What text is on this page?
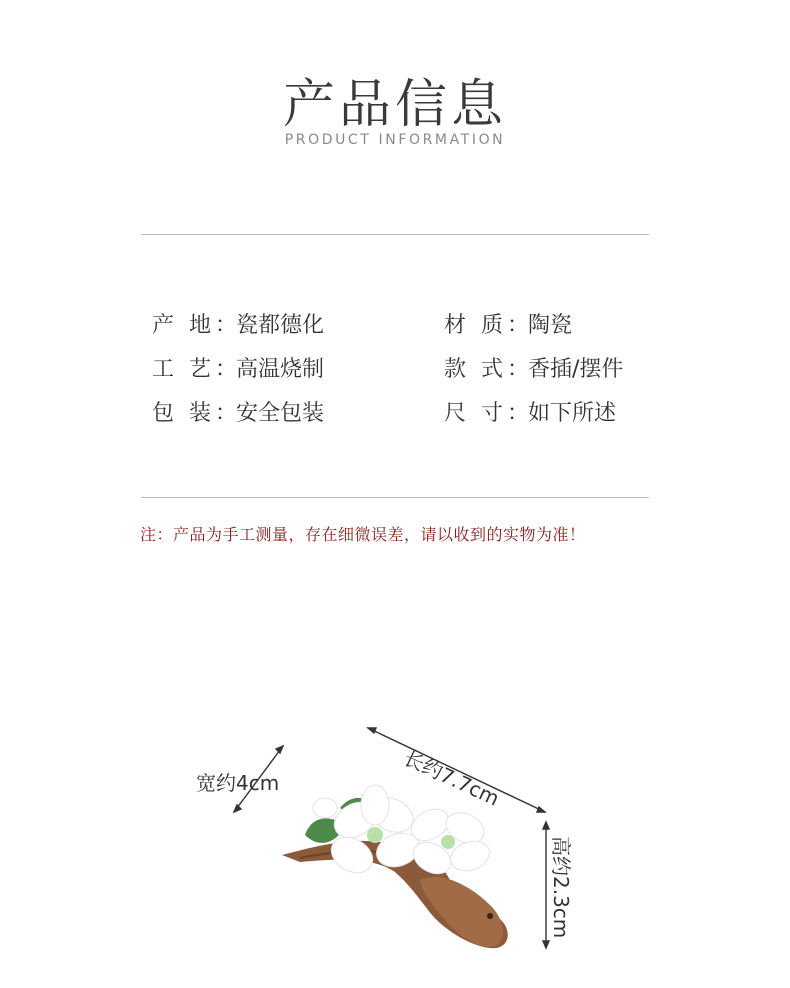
产品信息
PRODUCT INFORMATION
产 地：瓷都德化	材 质：陶瓷
工 艺：高温烧制	款 式：香插/摆件
包 装：安全包装	尺 寸：如下所述
注：产品为手工测量，存在细微误差，请以收到的实物为准！
宽约4cm	长约7.7cm
高约2.3cm
